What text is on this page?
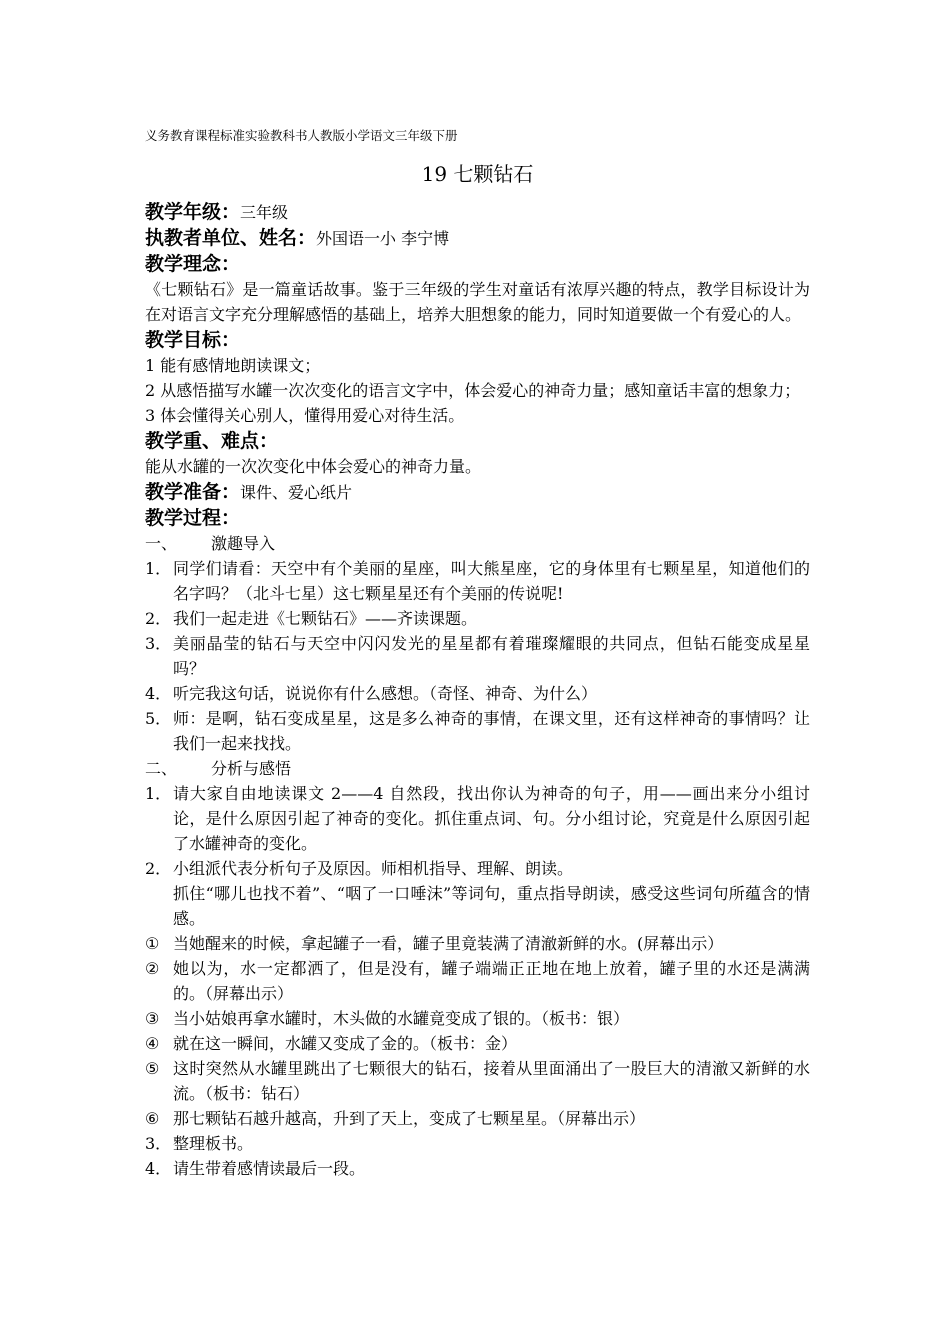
义务教育课程标准实验教科书人教版小学语文三年级下册
19 七颗钻石
教学年级：三年级
执教者单位、姓名：外国语一小 李宁博
教学理念：
《七颗钻石》是一篇童话故事。鉴于三年级的学生对童话有浓厚兴趣的特点，教学目标设计为在对语言文字充分理解感悟的基础上，培养大胆想象的能力，同时知道要做一个有爱心的人。
教学目标：
1 能有感情地朗读课文；
2 从感悟描写水罐一次次变化的语言文字中，体会爱心的神奇力量；感知童话丰富的想象力；
3 体会懂得关心别人，懂得用爱心对待生活。
教学重、难点：
能从水罐的一次次变化中体会爱心的神奇力量。
教学准备：课件、爱心纸片
教学过程：
一、 激趣导入
1． 同学们请看：天空中有个美丽的星座，叫大熊星座，它的身体里有七颗星星，知道他们的名字吗？（北斗七星）这七颗星星还有个美丽的传说呢!
2． 我们一起走进《七颗钻石》——齐读课题。
3． 美丽晶莹的钻石与天空中闪闪发光的星星都有着璀璨耀眼的共同点，但钻石能变成星星吗？
4． 听完我这句话，说说你有什么感想。（奇怪、神奇、为什么）
5． 师：是啊，钻石变成星星，这是多么神奇的事情，在课文里，还有这样神奇的事情吗？让我们一起来找找。
二、 分析与感悟
1． 请大家自由地读课文 2——4 自然段，找出你认为神奇的句子，用——画出来分小组讨论，是什么原因引起了神奇的变化。抓住重点词、句。分小组讨论，究竟是什么原因引起了水罐神奇的变化。
2． 小组派代表分析句子及原因。师相机指导、理解、朗读。
抓住“哪儿也找不着”、“咽了一口唾沫”等词句，重点指导朗读，感受这些词句所蕴含的情感。
① 当她醒来的时候，拿起罐子一看，罐子里竟装满了清澈新鲜的水。(屏幕出示）
② 她以为，水一定都洒了，但是没有，罐子端端正正地在地上放着，罐子里的水还是满满的。（屏幕出示）
③ 当小姑娘再拿水罐时，木头做的水罐竟变成了银的。（板书：银）
④ 就在这一瞬间，水罐又变成了金的。（板书：金）
⑤ 这时突然从水罐里跳出了七颗很大的钻石，接着从里面涌出了一股巨大的清澈又新鲜的水流。（板书：钻石）
⑥ 那七颗钻石越升越高，升到了天上，变成了七颗星星。（屏幕出示）
3． 整理板书。
4． 请生带着感情读最后一段。
